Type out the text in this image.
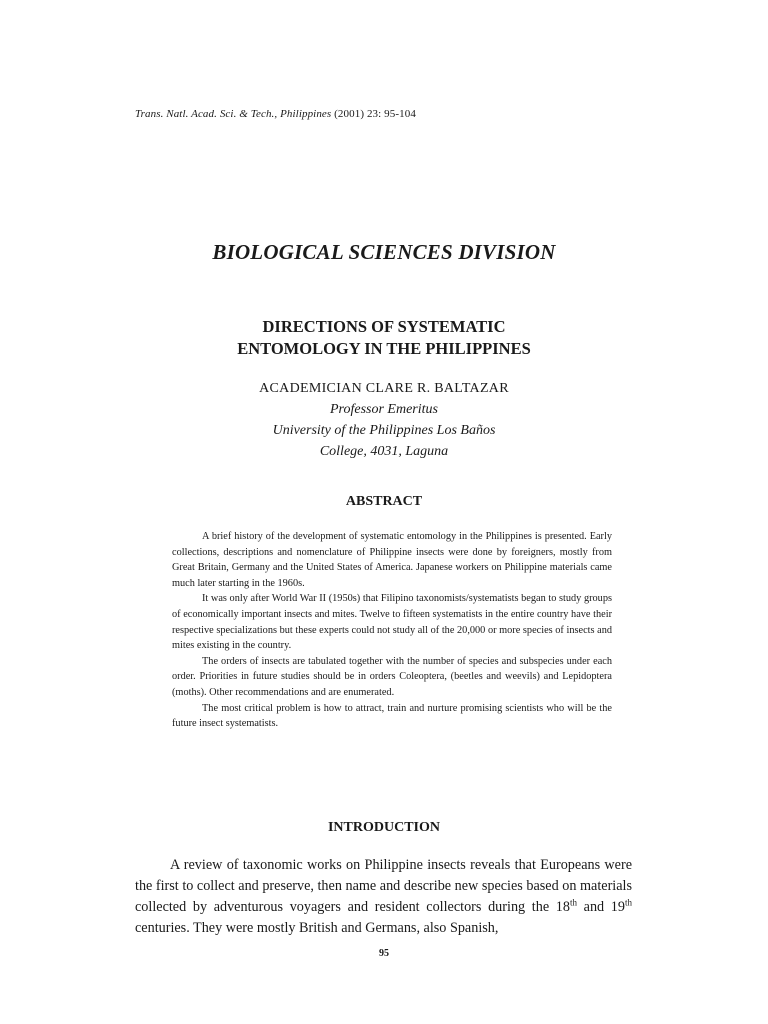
Trans. Natl. Acad. Sci. & Tech., Philippines (2001) 23: 95-104
BIOLOGICAL SCIENCES DIVISION
DIRECTIONS OF SYSTEMATIC
ENTOMOLOGY IN THE PHILIPPINES
ACADEMICIAN CLARE R. BALTAZAR
Professor Emeritus
University of the Philippines Los Baños
College, 4031, Laguna
ABSTRACT

A brief history of the development of systematic entomology in the Philippines is presented. Early collections, descriptions and nomenclature of Philippine insects were done by foreigners, mostly from Great Britain, Germany and the United States of America. Japanese workers on Philippine materials came much later starting in the 1960s.

It was only after World War II (1950s) that Filipino taxonomists/systematists began to study groups of economically important insects and mites. Twelve to fifteen systematists in the entire country have their respective specializations but these experts could not study all of the 20,000 or more species of insects and mites existing in the country.

The orders of insects are tabulated together with the number of species and subspecies under each order. Priorities in future studies should be in orders Coleoptera, (beetles and weevils) and Lepidoptera (moths). Other recommendations and are enumerated.

The most critical problem is how to attract, train and nurture promising scientists who will be the future insect systematists.

INTRODUCTION

A review of taxonomic works on Philippine insects reveals that Europeans were the first to collect and preserve, then name and describe new species based on materials collected by adventurous voyagers and resident collectors during the 18th and 19th centuries. They were mostly British and Germans, also Spanish,

95
